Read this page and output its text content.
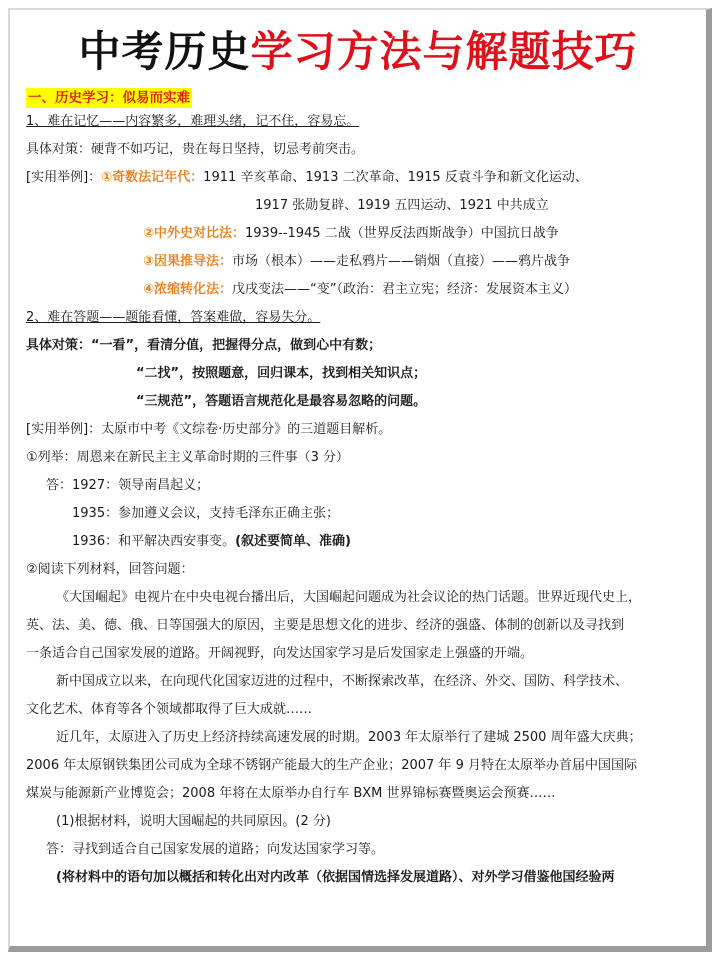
中考历史学习方法与解题技巧
一、历史学习：似易而实难
1、难在记忆——内容繁多，难理头绪，记不住，容易忘。
具体对策：硬背不如巧记，贵在每日坚持，切忌考前突击。
[实用举例]：①奇数法记年代：1911 辛亥革命、1913 二次革命、1915 反袁斗争和新文化运动、
1917 张勋复辟、1919 五四运动、1921 中共成立
②中外史对比法：1939--1945 二战（世界反法西斯战争）中国抗日战争
③因果推导法：市场（根本）——走私鸦片——销烟（直接）——鸦片战争
④浓缩转化法：戊戌变法——“变”（政治：君主立宪；经济：发展资本主义）
2、难在答题——题能看懂，答案难做，容易失分。
具体对策：“一看”，看清分值，把握得分点，做到心中有数；
“二找”，按照题意，回归课本，找到相关知识点；
“三规范”，答题语言规范化是最容易忽略的问题。
[实用举例]：太原市中考《文综卷·历史部分》的三道题目解析。
①列举：周恩来在新民主主义革命时期的三件事（3 分）
答：1927：领导南昌起义；
1935：参加遵义会议，支持毛泽东正确主张；
1936：和平解决西安事变。(叙述要简单、准确)
②阅读下列材料，回答问题：
《大国崛起》电视片在中央电视台播出后，大国崛起问题成为社会议论的热门话题。世界近现代史上，
英、法、美、德、俄、日等国强大的原因，主要是思想文化的进步、经济的强盛、体制的创新以及寻找到
一条适合自己国家发展的道路。开阔视野，向发达国家学习是后发国家走上强盛的开端。
新中国成立以来，在向现代化国家迈进的过程中，不断探索改革，在经济、外交、国防、科学技术、
文化艺术、体育等各个领域都取得了巨大成就……
近几年，太原进入了历史上经济持续高速发展的时期。2003 年太原举行了建城 2500 周年盛大庆典；
2006 年太原钢铁集团公司成为全球不锈钢产能最大的生产企业；2007 年 9 月特在太原举办首届中国国际
煤炭与能源新产业博览会；2008 年将在太原举办自行车 BXM 世界锦标赛暨奥运会预赛……
(1)根据材料，说明大国崛起的共同原因。(2 分)
答：寻找到适合自己国家发展的道路；向发达国家学习等。
(将材料中的语句加以概括和转化出对内改革（依据国情选择发展道路）、对外学习借鉴他国经验两
